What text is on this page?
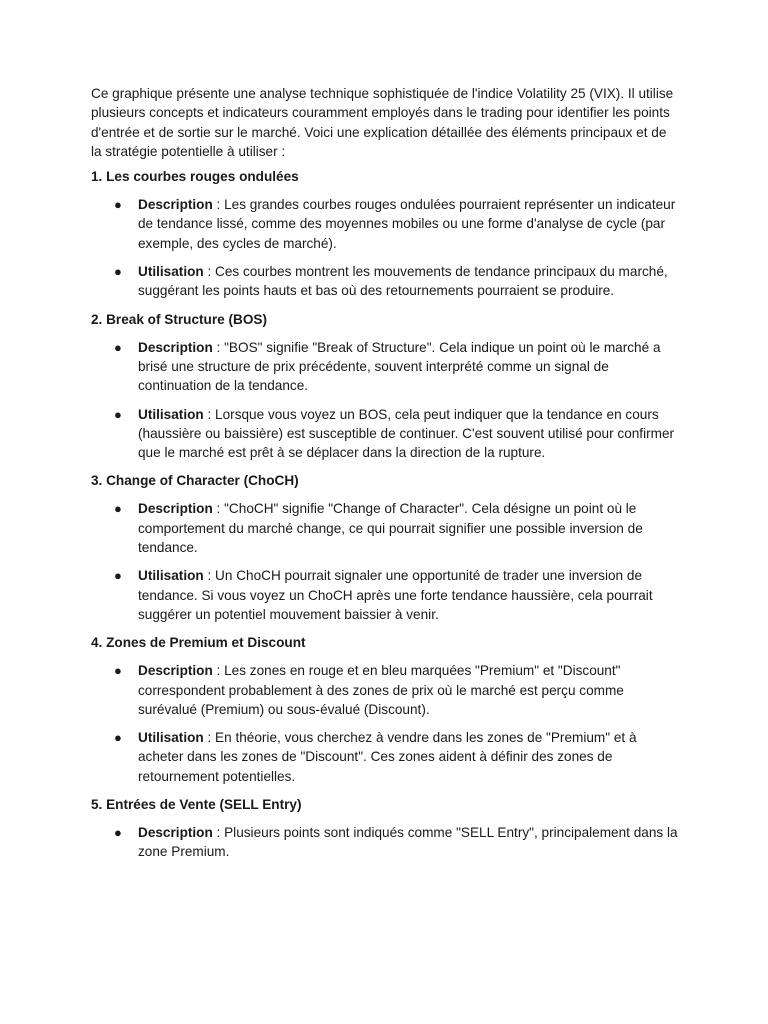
Ce graphique présente une analyse technique sophistiquée de l'indice Volatility 25 (VIX). Il utilise plusieurs concepts et indicateurs couramment employés dans le trading pour identifier les points d'entrée et de sortie sur le marché. Voici une explication détaillée des éléments principaux et de la stratégie potentielle à utiliser :

1. Les courbes rouges ondulées
● Description : Les grandes courbes rouges ondulées pourraient représenter un indicateur de tendance lissé, comme des moyennes mobiles ou une forme d'analyse de cycle (par exemple, des cycles de marché).
● Utilisation : Ces courbes montrent les mouvements de tendance principaux du marché, suggérant les points hauts et bas où des retournements pourraient se produire.
2. Break of Structure (BOS)
● Description : "BOS" signifie "Break of Structure". Cela indique un point où le marché a brisé une structure de prix précédente, souvent interprété comme un signal de continuation de la tendance.
● Utilisation : Lorsque vous voyez un BOS, cela peut indiquer que la tendance en cours (haussière ou baissière) est susceptible de continuer. C'est souvent utilisé pour confirmer que le marché est prêt à se déplacer dans la direction de la rupture.
3. Change of Character (ChoCH)
● Description : "ChoCH" signifie "Change of Character". Cela désigne un point où le comportement du marché change, ce qui pourrait signifier une possible inversion de tendance.
● Utilisation : Un ChoCH pourrait signaler une opportunité de trader une inversion de tendance. Si vous voyez un ChoCH après une forte tendance haussière, cela pourrait suggérer un potentiel mouvement baissier à venir.
4. Zones de Premium et Discount
● Description : Les zones en rouge et en bleu marquées "Premium" et "Discount" correspondent probablement à des zones de prix où le marché est perçu comme surévalué (Premium) ou sous-évalué (Discount).
● Utilisation : En théorie, vous cherchez à vendre dans les zones de "Premium" et à acheter dans les zones de "Discount". Ces zones aident à définir des zones de retournement potentielles.
5. Entrées de Vente (SELL Entry)
● Description : Plusieurs points sont indiqués comme "SELL Entry", principalement dans la zone Premium.
